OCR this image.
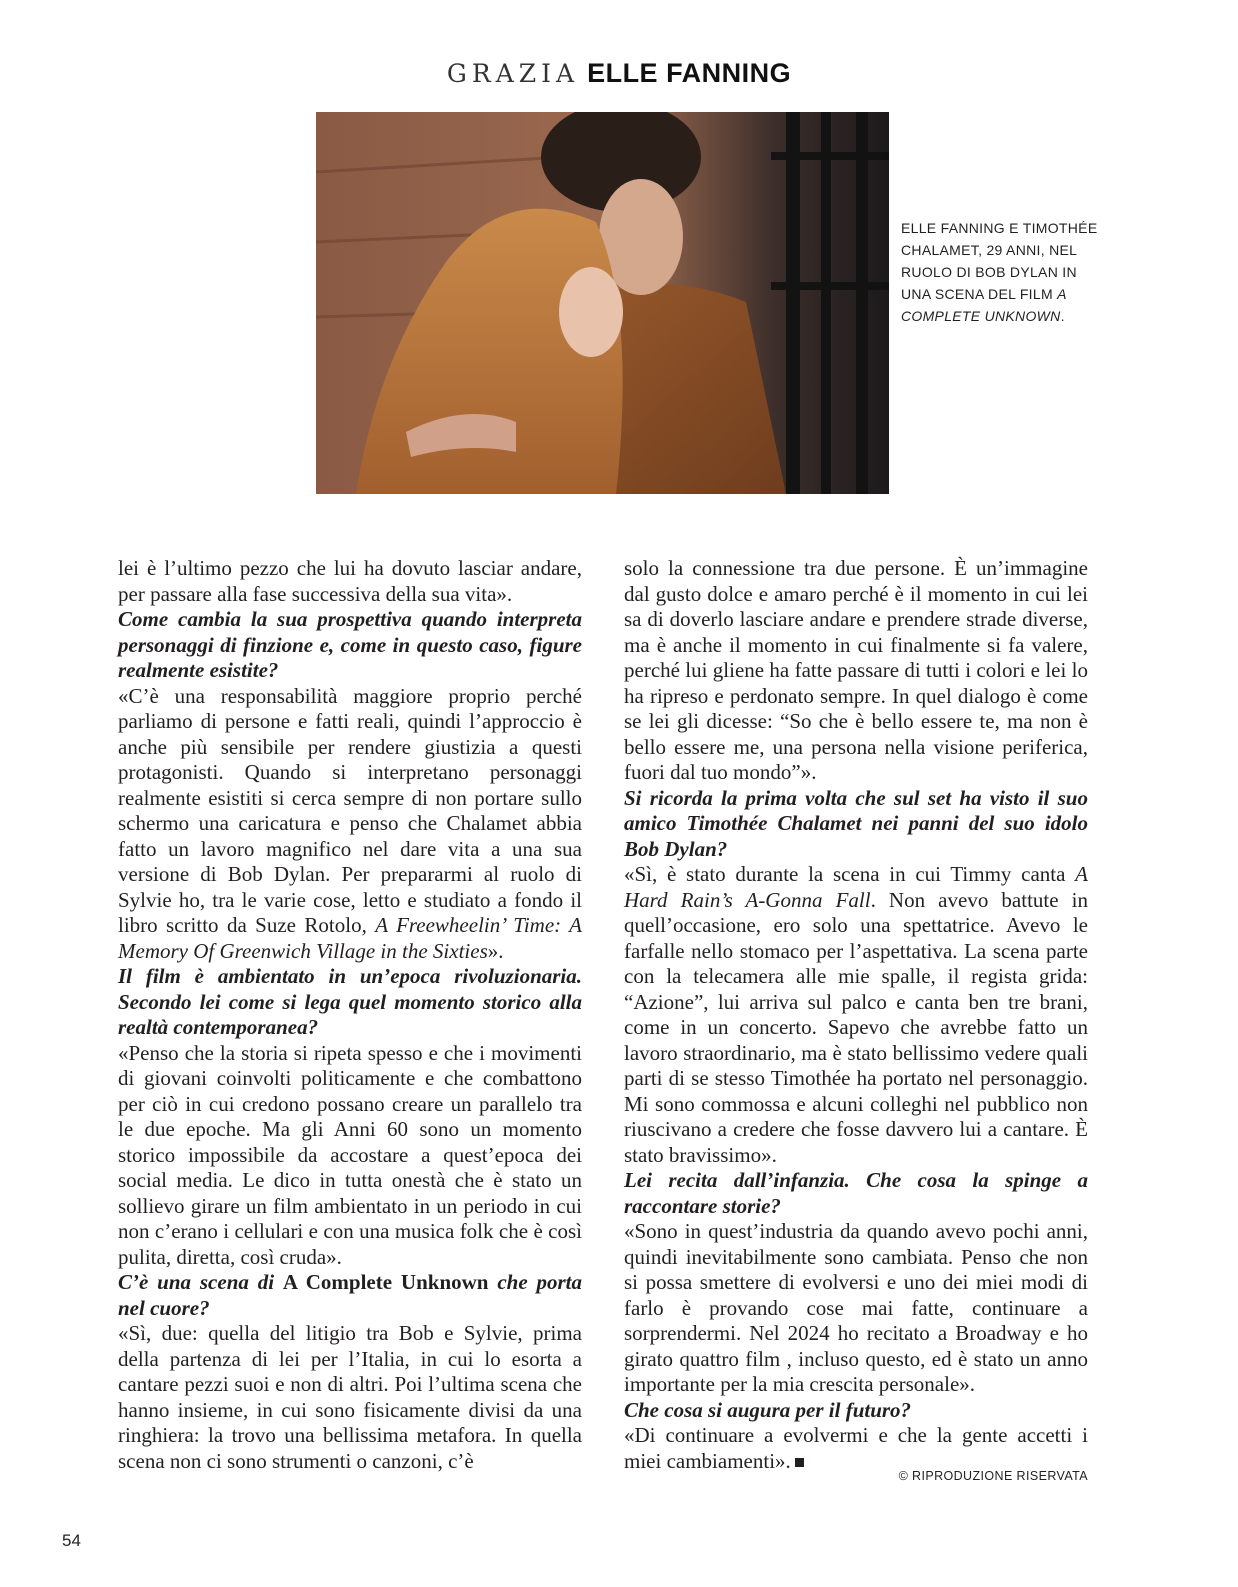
GRAZIA ELLE FANNING
ELLE FANNING E TIMOTHÉE CHALAMET, 29 ANNI, NEL RUOLO DI BOB DYLAN IN UNA SCENA DEL FILM A COMPLETE UNKNOWN.

lei è l’ultimo pezzo che lui ha dovuto lasciar andare, per passare alla fase successiva della sua vita».

Come cambia la sua prospettiva quando interpreta personaggi di finzione e, come in questo caso, figure realmente esistite?

«C’è una responsabilità maggiore proprio perché parliamo di persone e fatti reali, quindi l’approccio è anche più sensibile per rendere giustizia a questi protagonisti. Quando si interpretano personaggi realmente esistiti si cerca sempre di non portare sullo schermo una caricatura e penso che Chalamet abbia fatto un lavoro magnifico nel dare vita a una sua versione di Bob Dylan. Per prepararmi al ruolo di Sylvie ho, tra le varie cose, letto e studiato a fondo il libro scritto da Suze Rotolo, A Freewheelin’ Time: A Memory Of Greenwich Village in the Sixties».

Il film è ambientato in un’epoca rivoluzionaria. Secondo lei come si lega quel momento storico alla realtà contemporanea?

«Penso che la storia si ripeta spesso e che i movimenti di giovani coinvolti politicamente e che combattono per ciò in cui credono possano creare un parallelo tra le due epoche. Ma gli Anni 60 sono un momento storico impossibile da accostare a quest’epoca dei social media. Le dico in tutta onestà che è stato un sollievo girare un film ambientato in un periodo in cui non c’erano i cellulari e con una musica folk che è così pulita, diretta, così cruda».

C’è una scena di A Complete Unknown che porta nel cuore?

«Sì, due: quella del litigio tra Bob e Sylvie, prima della partenza di lei per l’Italia, in cui lo esorta a cantare pezzi suoi e non di altri. Poi l’ultima scena che hanno insieme, in cui sono fisicamente divisi da una ringhiera: la trovo una bellissima metafora. In quella scena non ci sono strumenti o canzoni, c’è

solo la connessione tra due persone. È un’immagine dal gusto dolce e amaro perché è il momento in cui lei sa di doverlo lasciare andare e prendere strade diverse, ma è anche il momento in cui finalmente si fa valere, perché lui gliene ha fatte passare di tutti i colori e lei lo ha ripreso e perdonato sempre. In quel dialogo è come se lei gli dicesse: “So che è bello essere te, ma non è bello essere me, una persona nella visione periferica, fuori dal tuo mondo”».

Si ricorda la prima volta che sul set ha visto il suo amico Timothée Chalamet nei panni del suo idolo Bob Dylan?

«Sì, è stato durante la scena in cui Timmy canta A Hard Rain’s A-Gonna Fall. Non avevo battute in quell’occasione, ero solo una spettatrice. Avevo le farfalle nello stomaco per l’aspettativa. La scena parte con la telecamera alle mie spalle, il regista grida: “Azione”, lui arriva sul palco e canta ben tre brani, come in un concerto. Sapevo che avrebbe fatto un lavoro straordinario, ma è stato bellissimo vedere quali parti di se stesso Timothée ha portato nel personaggio. Mi sono commossa e alcuni colleghi nel pubblico non riuscivano a credere che fosse davvero lui a cantare. È stato bravissimo».

Lei recita dall’infanzia. Che cosa la spinge a raccontare storie?

«Sono in quest’industria da quando avevo pochi anni, quindi inevitabilmente sono cambiata. Penso che non si possa smettere di evolversi e uno dei miei modi di farlo è provando cose mai fatte, continuare a sorprendermi. Nel 2024 ho recitato a Broadway e ho girato quattro film , incluso questo, ed è stato un anno importante per la mia crescita personale».

Che cosa si augura per il futuro?

«Di continuare a evolvermi e che la gente accetti i miei cambiamenti».

© RIPRODUZIONE RISERVATA
54
